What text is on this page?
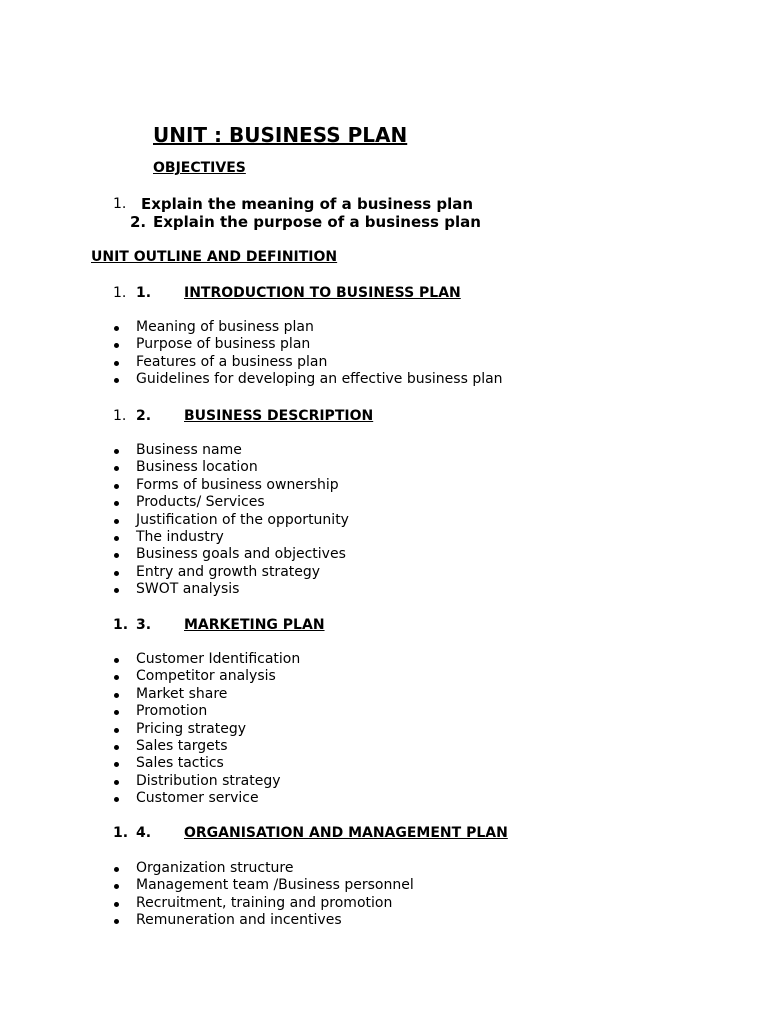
UNIT : BUSINESS PLAN
OBJECTIVES
1. Explain the meaning of a business plan
2. Explain the purpose of a business plan
UNIT OUTLINE AND DEFINITION
1. 1. INTRODUCTION TO BUSINESS PLAN
Meaning of business plan
Purpose of business plan
Features of a business plan
Guidelines for developing an effective business plan
1. 2. BUSINESS DESCRIPTION
Business name
Business location
Forms of business ownership
Products/ Services
Justification of the opportunity
The industry
Business goals and objectives
Entry and growth strategy
SWOT analysis
1. 3. MARKETING PLAN
Customer Identification
Competitor analysis
Market share
Promotion
Pricing strategy
Sales targets
Sales tactics
Distribution strategy
Customer service
1. 4. ORGANISATION AND MANAGEMENT PLAN
Organization structure
Management team /Business personnel
Recruitment, training and promotion
Remuneration and incentives
